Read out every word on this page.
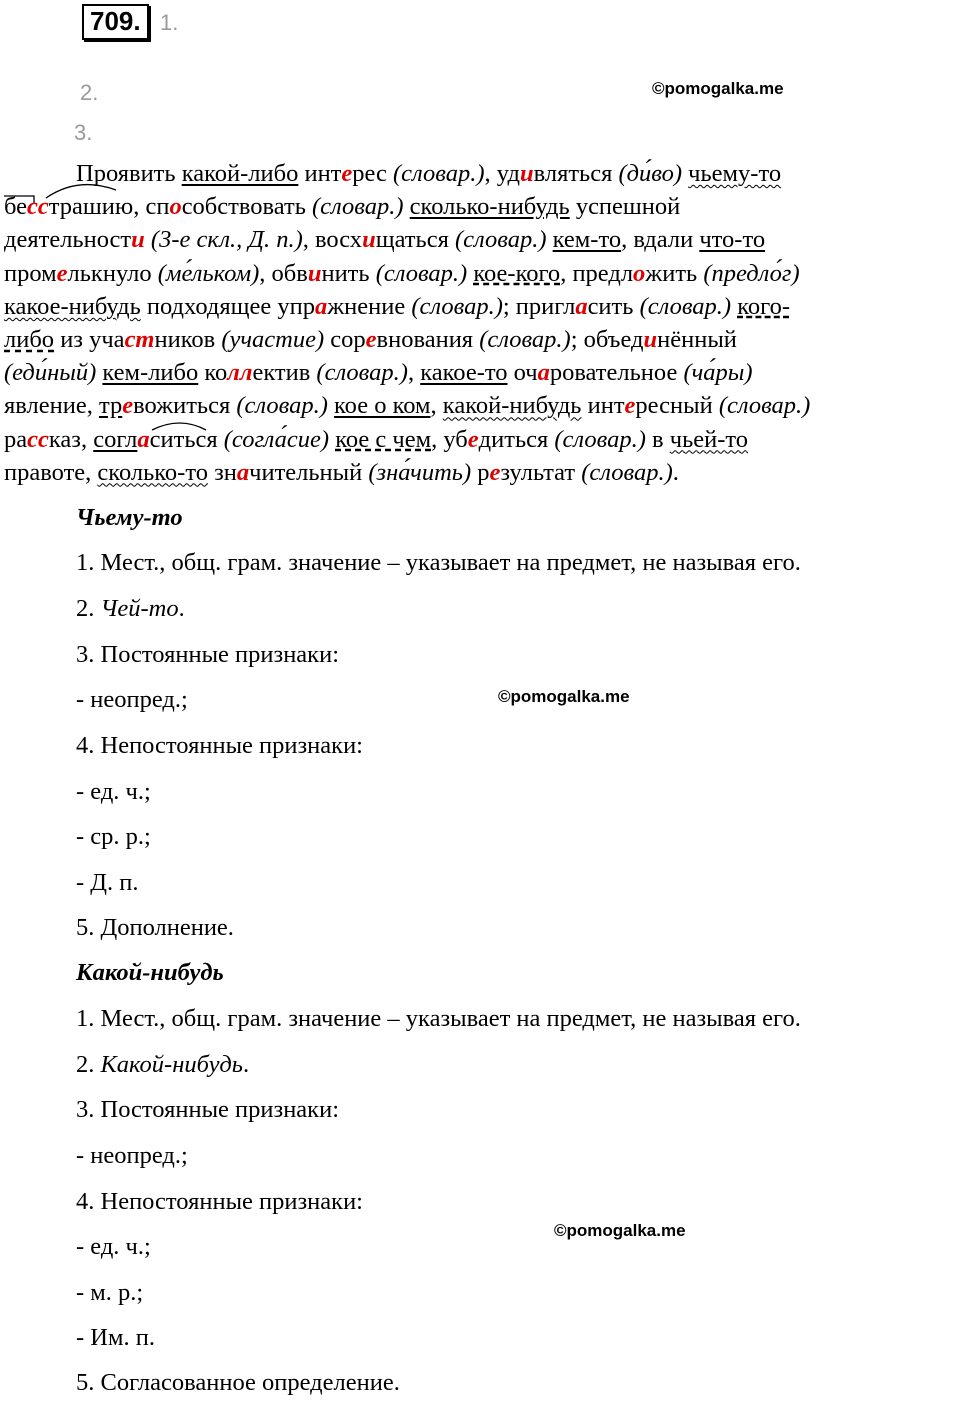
709. 1.
2.
3.
©pomogalka.me
©pomogalka.me
©pomogalka.me
Проявить какой-либо интерес (словар.), удивляться (ди́во) чьему-то
бесстрашию, способствовать (словар.) сколько-нибудь успешной
деятельности (3-е скл., Д. п.), восхищаться (словар.) кем-то, вдали что-то
промелькнуло (ме́льком), обвинить (словар.) кое-кого, предложить (предло́г)
какое-нибудь подходящее упражнение (словар.); пригласить (словар.) кого-
либо из участников (участие) соревнования (словар.); объединённый
(еди́ный) кем-либо коллектив (словар.), какое-то очаровательное (ча́ры)
явление, тревожиться (словар.) кое о ком, какой-нибудь интересный (словар.)
рассказ, согласиться (согла́сие) кое с чем, убедиться (словар.) в чьей-то
правоте, сколько-то значительный (зна́чить) результат (словар.).
Чьему-то
1. Мест., общ. грам. значение – указывает на предмет, не называя его.
2. Чей-то.
3. Постоянные признаки:
- неопред.;
4. Непостоянные признаки:
- ед. ч.;
- ср. р.;
- Д. п.
5. Дополнение.
Какой-нибудь
1. Мест., общ. грам. значение – указывает на предмет, не называя его.
2. Какой-нибудь.
3. Постоянные признаки:
- неопред.;
4. Непостоянные признаки:
- ед. ч.;
- м. р.;
- Им. п.
5. Согласованное определение.
